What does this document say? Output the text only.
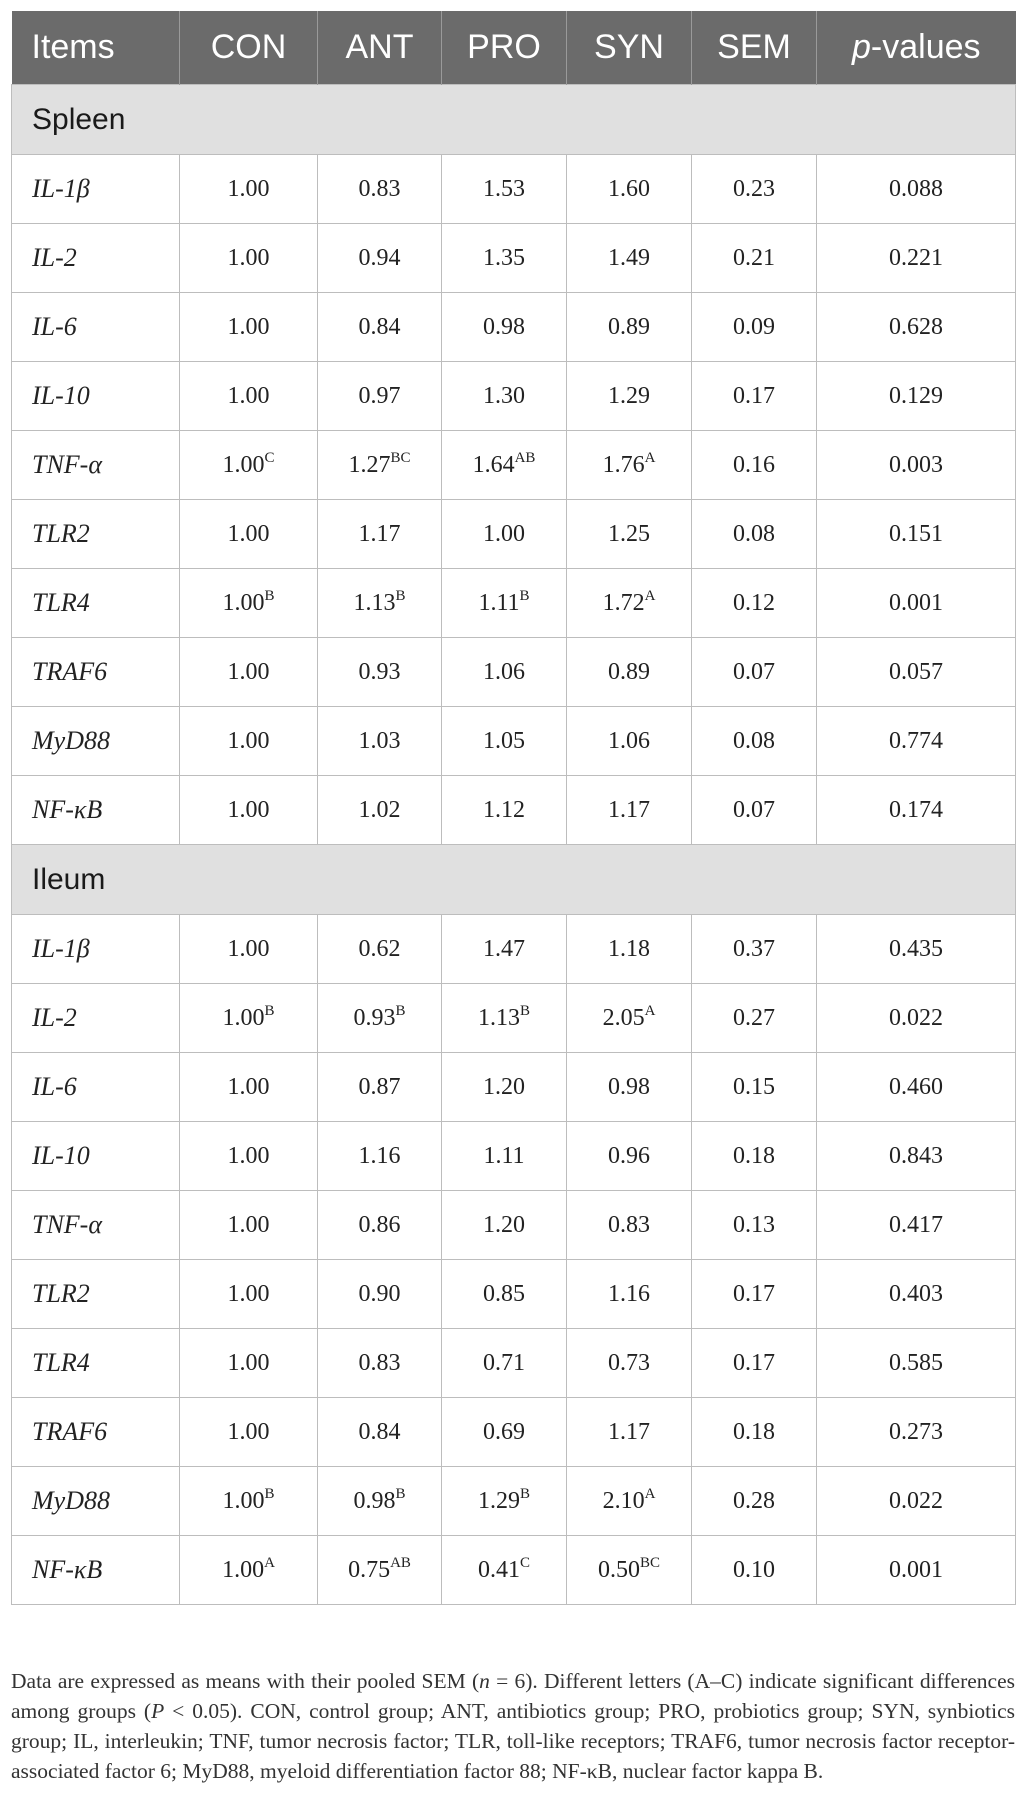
Items	CON	ANT	PRO	SYN	SEM	p-values
Spleen						
IL-1β	1.00	0.83	1.53	1.60	0.23	0.088
IL-2	1.00	0.94	1.35	1.49	0.21	0.221
IL-6	1.00	0.84	0.98	0.89	0.09	0.628
IL-10	1.00	0.97	1.30	1.29	0.17	0.129
TNF-α	$1.00^C$	$1.27^{BC}$	$1.64^{AB}$	$1.76^A$	0.16	0.003
TLR2	1.00	1.17	1.00	1.25	0.08	0.151
TLR4	$1.00^B$	$1.13^B$	$1.11^B$	$1.72^A$	0.12	0.001
TRAF6	1.00	0.93	1.06	0.89	0.07	0.057
MyD88	1.00	1.03	1.05	1.06	0.08	0.774
NF-κB	1.00	1.02	1.12	1.17	0.07	0.174
Ileum						
IL-1β	1.00	0.62	1.47	1.18	0.37	0.435
IL-2	$1.00^B$	$0.93^B$	$1.13^B$	$2.05^A$	0.27	0.022
IL-6	1.00	0.87	1.20	0.98	0.15	0.460
IL-10	1.00	1.16	1.11	0.96	0.18	0.843
TNF-α	1.00	0.86	1.20	0.83	0.13	0.417
TLR2	1.00	0.90	0.85	1.16	0.17	0.403
TLR4	1.00	0.83	0.71	0.73	0.17	0.585
TRAF6	1.00	0.84	0.69	1.17	0.18	0.273
MyD88	$1.00^B$	$0.98^B$	$1.29^B$	$2.10^A$	0.28	0.022
NF-κB	$1.00^A$	$0.75^{AB}$	$0.41^C$	$0.50^{BC}$	0.10	0.001

Data are expressed as means with their pooled SEM (n = 6). Different letters (A–C) indicate significant differences among groups (P < 0.05). CON, control group; ANT, antibiotics group; PRO, probiotics group; SYN, synbiotics group; IL, interleukin; TNF, tumor necrosis factor; TLR, toll-like receptors; TRAF6, tumor necrosis factor receptor-associated factor 6; MyD88, myeloid differentiation factor 88; NF-κB, nuclear factor kappa B.
